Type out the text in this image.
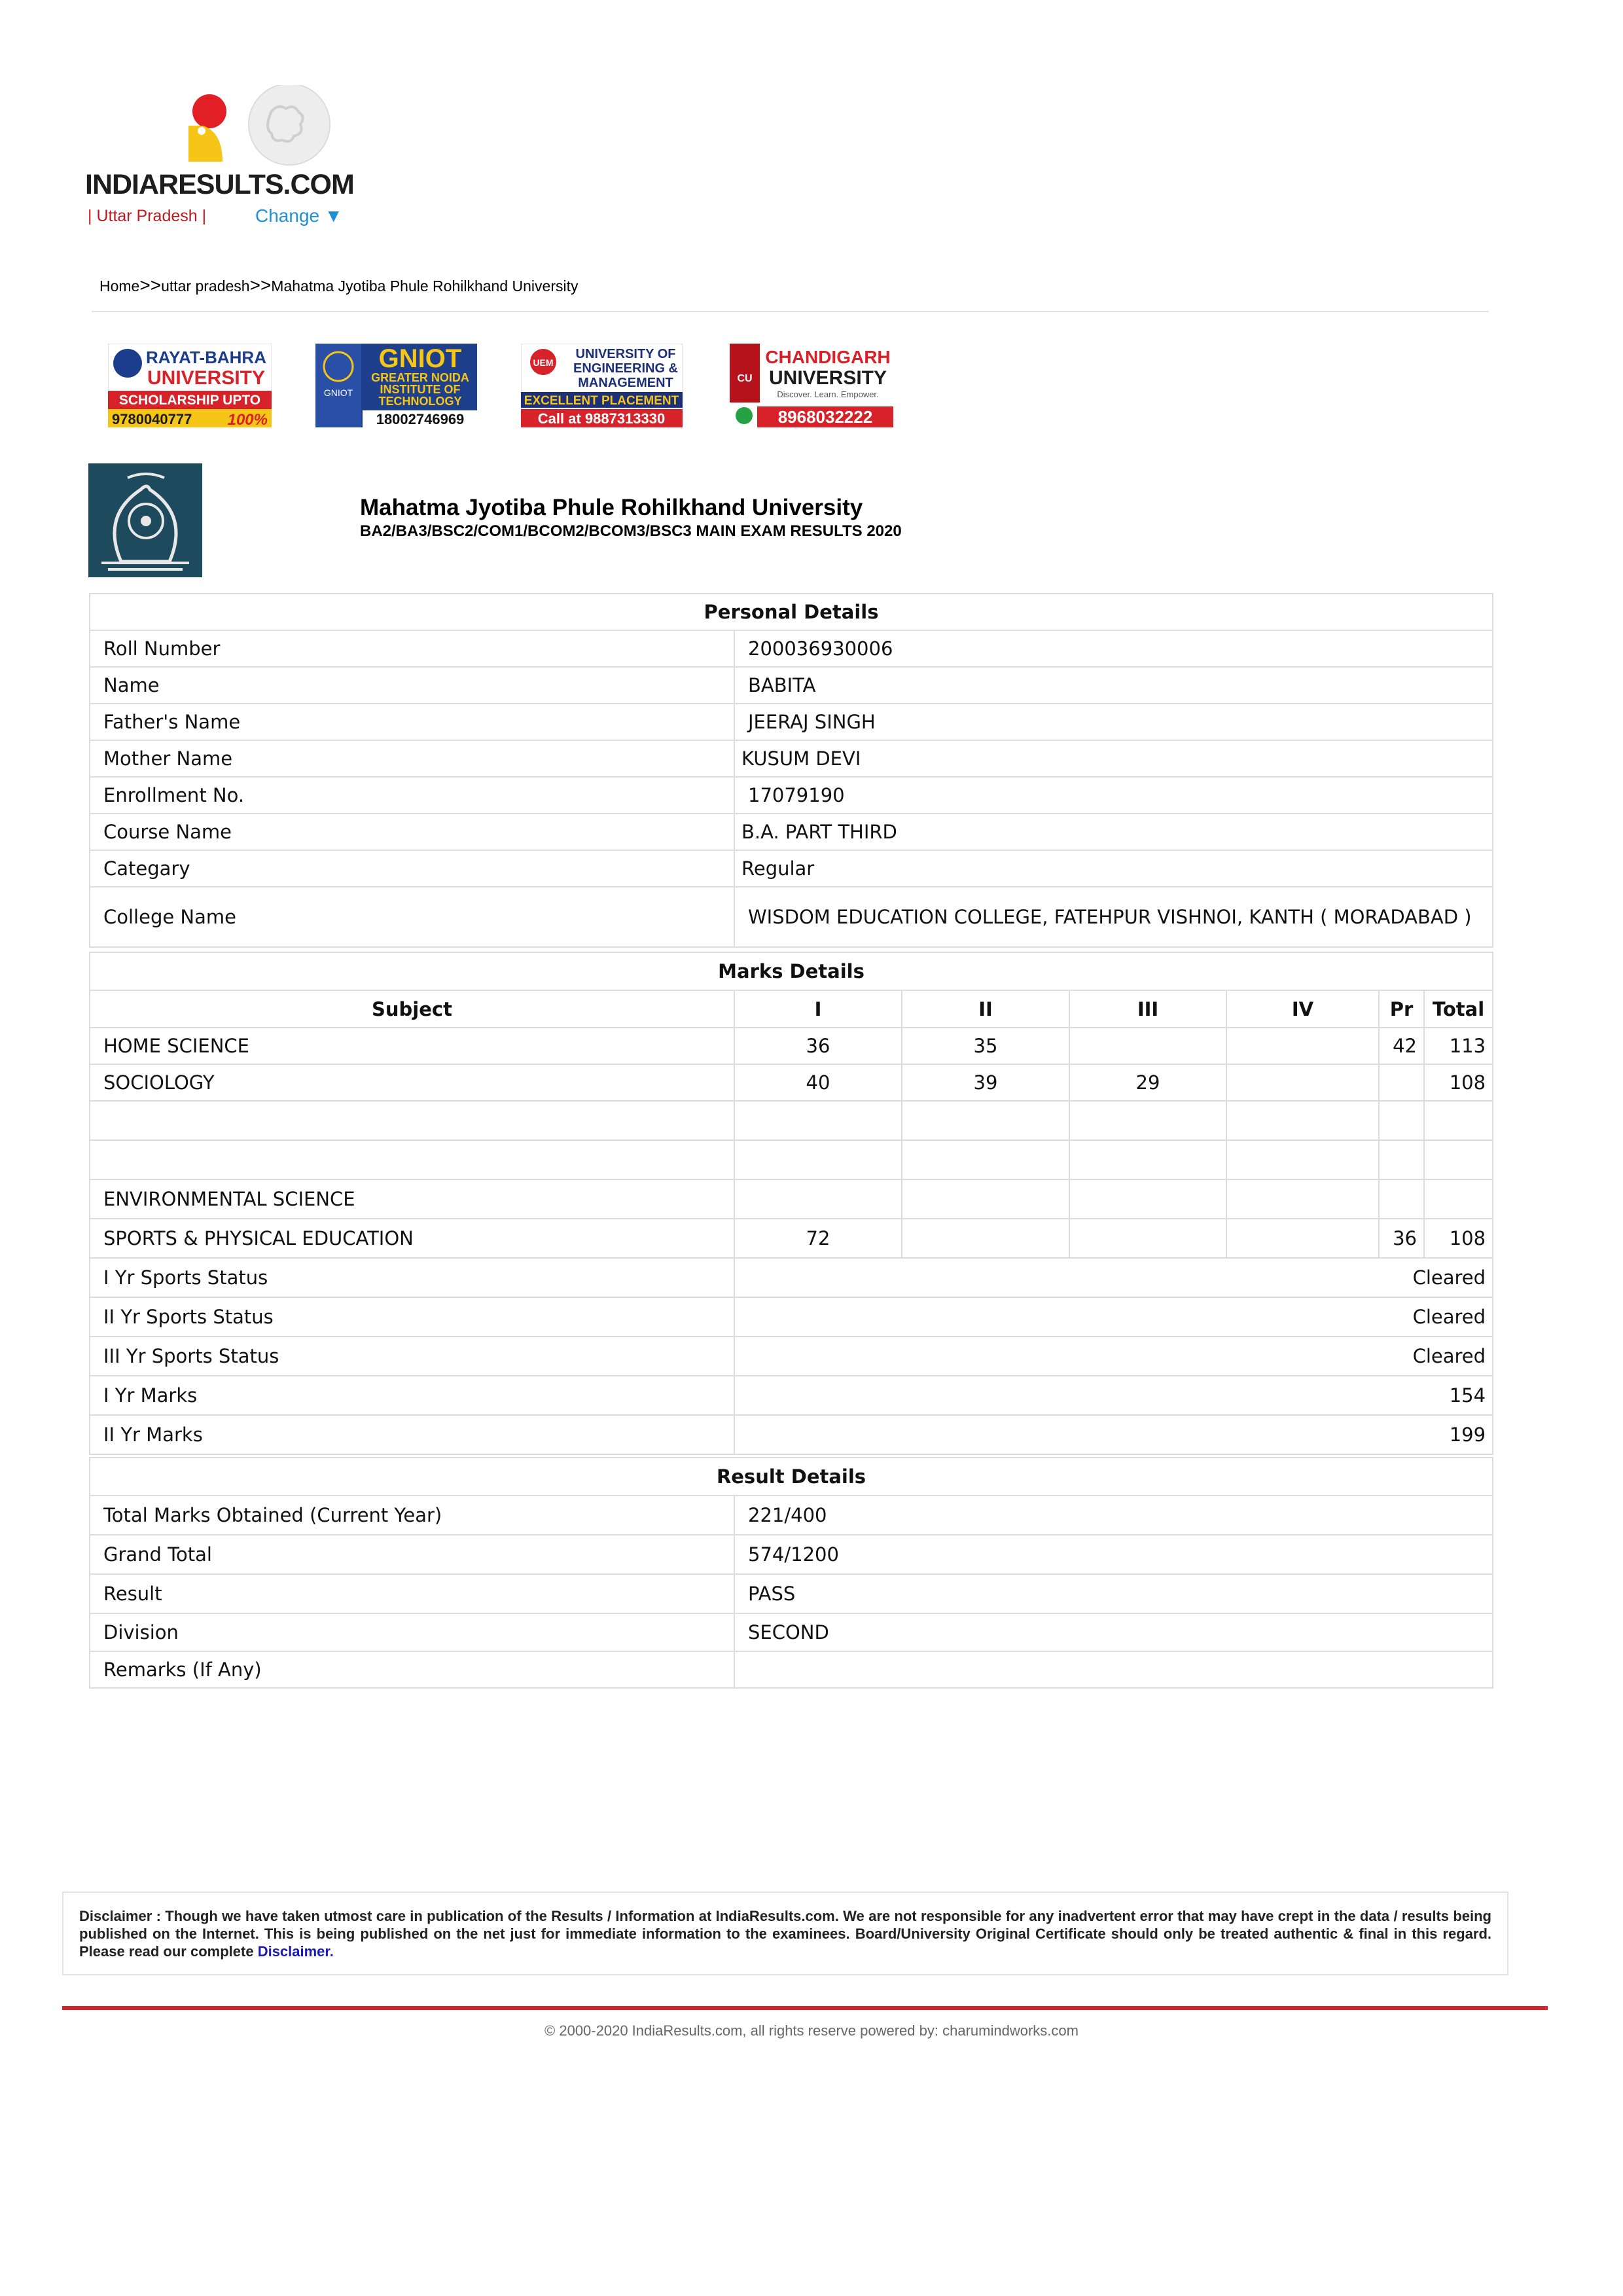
INDIARESULTS.COM
| Uttar Pradesh |	Change ▼
Home>>uttar pradesh>>Mahatma Jyotiba Phule Rohilkhand University
RAYAT-BAHRA
UNIVERSITY
SCHOLARSHIP UPTO
9780040777 100%
GNIOT
GNIOT
GREATER NOIDA
INSTITUTE OF
TECHNOLOGY
18002746969
UEM
UNIVERSITY OF
ENGINEERING &
MANAGEMENT
EXCELLENT PLACEMENT
Call at 9887313330
CU
CHANDIGARH
UNIVERSITY
Discover. Learn. Empower.
8968032222
Mahatma Jyotiba Phule Rohilkhand University
BA2/BA3/BSC2/COM1/BCOM2/BCOM3/BSC3 MAIN EXAM RESULTS 2020
Personal Details	
Roll Number	200036930006
Name	BABITA
Father's Name	JEERAJ SINGH
Mother Name	KUSUM DEVI
Enrollment No.	17079190
Course Name	B.A. PART THIRD
Categary	Regular
College Name	WISDOM EDUCATION COLLEGE, FATEHPUR VISHNOI, KANTH ( MORADABAD )
Marks Details						
Subject	I	II	III	IV	Pr	Total
HOME SCIENCE	36	35			42	113
SOCIOLOGY	40	39	29			108

ENVIRONMENTAL SCIENCE						
SPORTS & PHYSICAL EDUCATION	72				36	108
I Yr Sports Status	Cleared					
II Yr Sports Status	Cleared					
III Yr Sports Status	Cleared					
I Yr Marks	154					
II Yr Marks	199					
Result Details	
Total Marks Obtained (Current Year)	221/400
Grand Total	574/1200
Result	PASS
Division	SECOND
Remarks (If Any)	
Disclaimer : Though we have taken utmost care in publication of the Results / Information at IndiaResults.com. We are not responsible for any inadvertent error that may have crept in the data / results being published on the Internet. This is being published on the net just for immediate information to the examinees. Board/University Original Certificate should only be treated authentic & final in this regard. Please read our complete Disclaimer.
© 2000-2020 IndiaResults.com, all rights reserve powered by: charumindworks.com
